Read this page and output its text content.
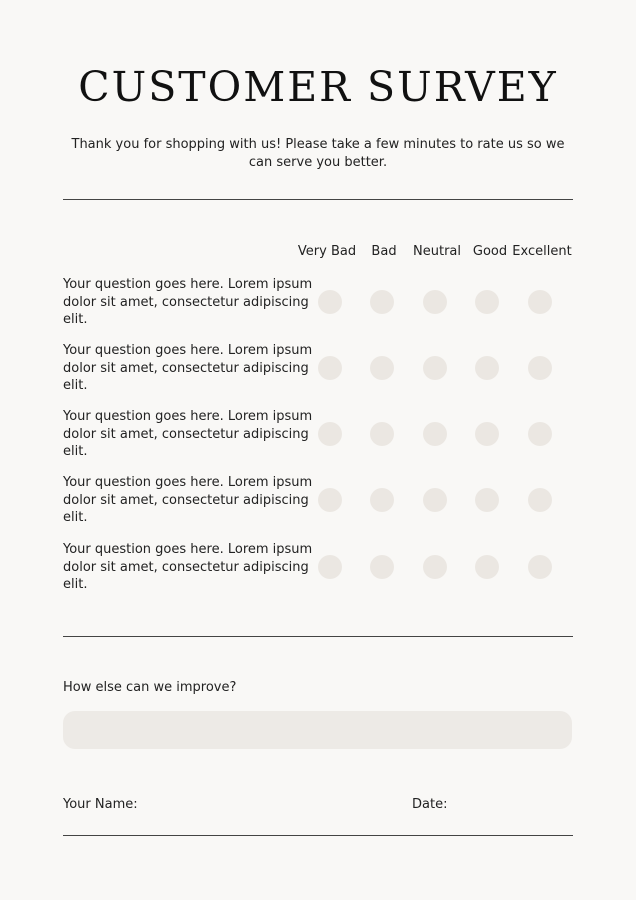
CUSTOMER SURVEY
Thank you for shopping with us! Please take a few minutes to rate us so we can serve you better.
Very Bad Bad Neutral Good Excellent
Your question goes here. Lorem ipsum dolor sit amet, consectetur adipiscing elit.
Your question goes here. Lorem ipsum dolor sit amet, consectetur adipiscing elit.
Your question goes here. Lorem ipsum dolor sit amet, consectetur adipiscing elit.
Your question goes here. Lorem ipsum dolor sit amet, consectetur adipiscing elit.
Your question goes here. Lorem ipsum dolor sit amet, consectetur adipiscing elit.
How else can we improve?
Your Name:	Date:
